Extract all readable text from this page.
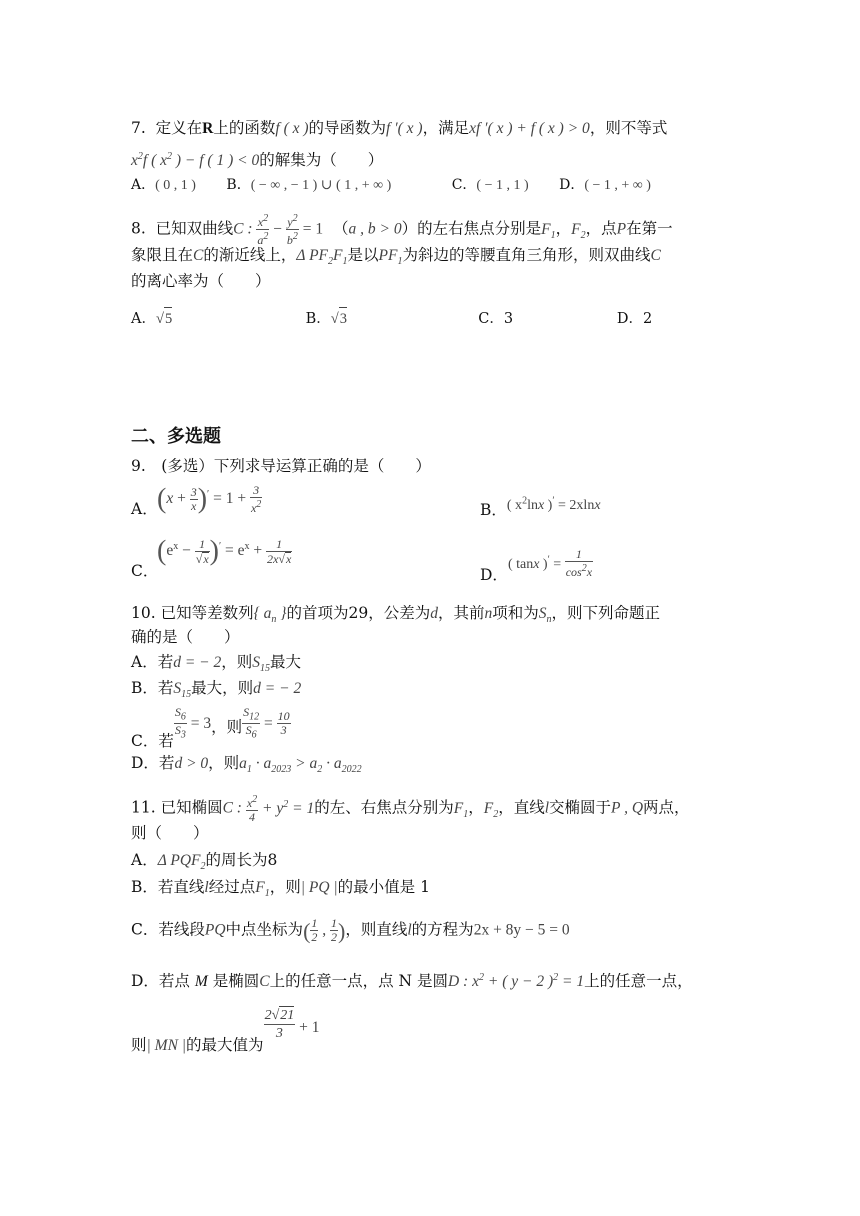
7. 定义在R上的函数f ( x )的导函数为f ′( x )，满足xf ′( x ) + f ( x ) > 0，则不等式
$x^2f$ ( $x^2$ ) − f ( 1 ) < 0的解集为（　　）
A．( 0 , 1 ) B．( − ∞ , − 1 ) ∪ ( 1 , + ∞ )	C．( − 1 , 1 ) D．( − 1 , + ∞ )
8. 已知双曲线C : $\frac{x^2}{a^2} - \frac{y^2}{b^2} = 1$  （a , b > 0）的左右焦点分别是$F_1$，$F_2$，点P在第一
象限且在C的渐近线上，Δ $PF_2F_1$是以$PF_1$为斜边的等腰直角三角形，则双曲线C
的离心率为（　　）
A．√5	B．√3	C．3	D．2
二、多选题
9.　(多选）下列求导运算正确的是（　　）
A． $(x + \frac{3}{x} )' = 1 + \frac{3}{x^2}$	B．( $x^2\ln x$ )′ = 2xlnx
C．
$(e^x - \frac{1}{√x} )' = e^x + \frac{1}{2x√x}$
D．( tanx )$' = \frac{1}{\cos^2x}$
10. 已知等差数列{ $a_n$ }的首项为29，公差为d，其前n项和为$S_n$，则下列命题正
确的是（　　）
A．若d = − 2，则$S_{15}$最大
B．若$S_{15}$最大，则d = − 2
C．若 $\frac{S_6}{S_3} = 3$，则 $\frac{S_{12}}{S_6} = \frac{10}{3}$
D．若d > 0，则$a_1 \cdot a_{2023} > a_2 \cdot a_{2022}$
11. 已知椭圆C : $\frac{x^2}{4} + y^2 = 1$的左、右焦点分别为$F_1$，$F_2$，直线l交椭圆于P , Q两点，
则（　　）
A．Δ $PQF_2$的周长为8
B．若直线l经过点$F_1$，则| PQ |的最小值是 1
C．若线段PQ中点坐标为( $\frac{1}{2}$ , $\frac{1}{2}$ )，则直线l的方程为2x + 8y − 5 = 0
D．若点 M 是椭圆C上的任意一点，点 N 是圆D : $x^2$ + ( y − 2 )$^2$ = 1上的任意一点，
则| MN |的最大值为
$\frac{2√21}{3} + 1$
